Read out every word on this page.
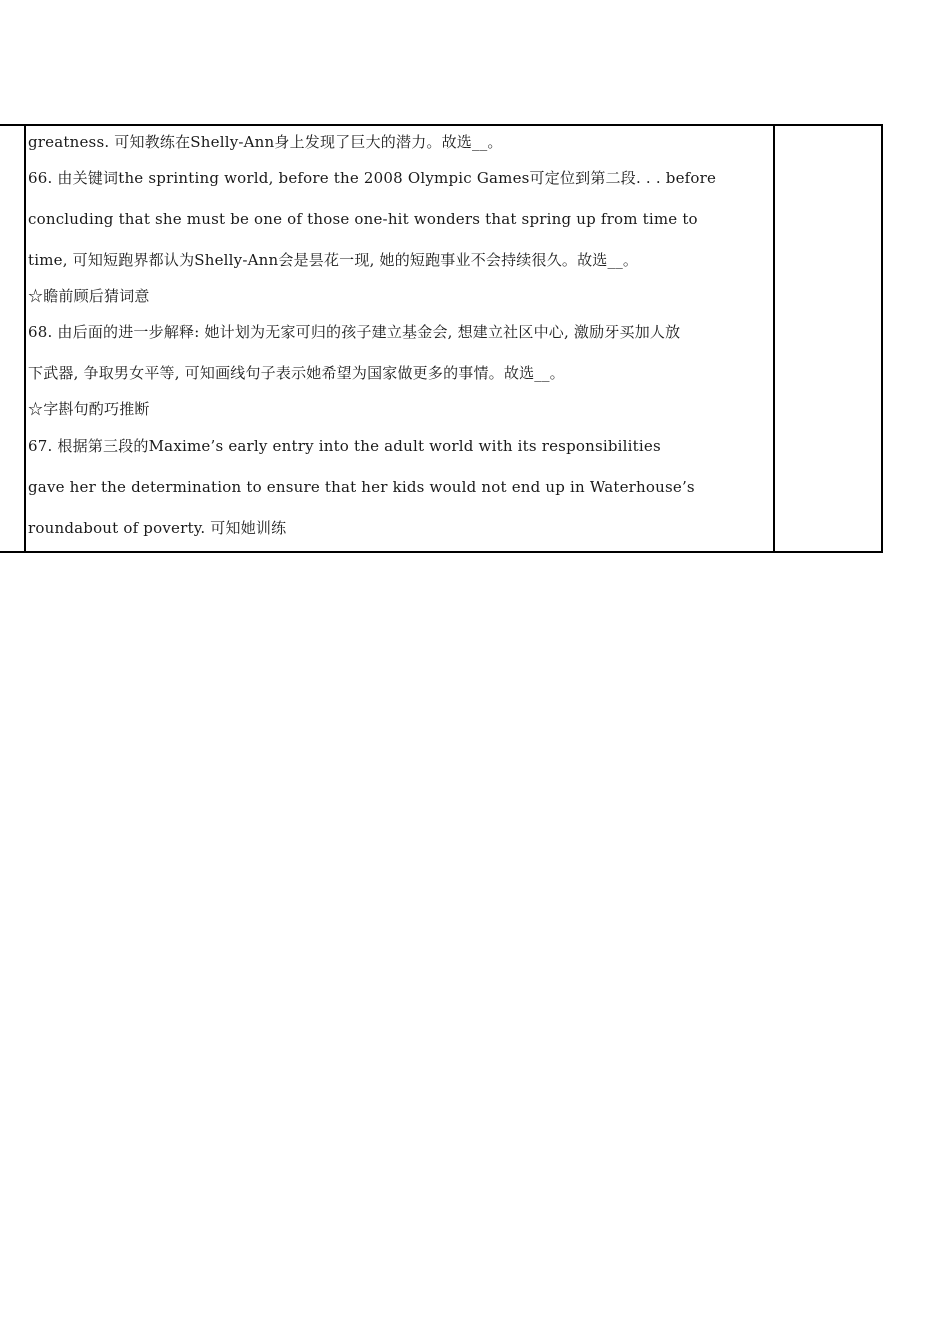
greatness. 可知教练在Shelly-Ann身上发现了巨大的潜力。故选__。
66. 由关键词the sprinting world, before the 2008 Olympic Games可定位到第二段. . . before
concluding that she must be one of those one-hit wonders that spring up from time to
time, 可知短跑界都认为Shelly-Ann会是昙花一现, 她的短跑事业不会持续很久。故选__。
☆瞻前顾后猜词意
68. 由后面的进一步解释: 她计划为无家可归的孩子建立基金会, 想建立社区中心, 激励牙买加人放
下武器, 争取男女平等, 可知画线句子表示她希望为国家做更多的事情。故选__。
☆字斟句酌巧推断
67. 根据第三段的Maxime’s early entry into the adult world with its responsibilities
gave her the determination to ensure that her kids would not end up in Waterhouse’s
roundabout of poverty. 可知她训练
